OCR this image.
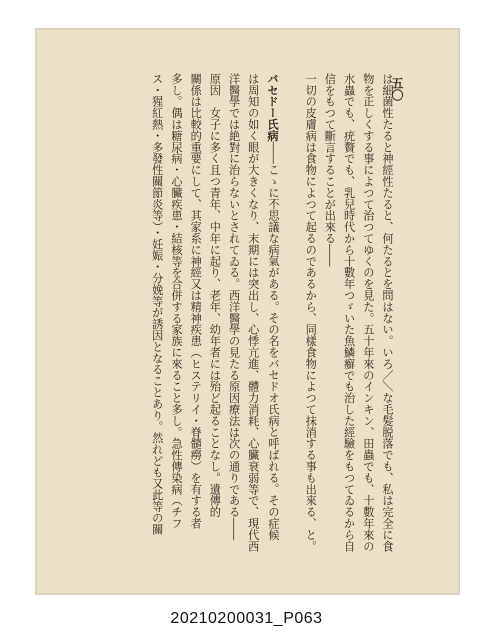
五〇
は細菌性たると神經性たると、何たるとを問はない。いろ／＼な毛髪脱落でも、私は完全に食
物を正しくする事によつて治つてゆくのを見た。五十年來のインキン、田蟲でも、十數年來の
水蟲でも、疣贅でも、乳兒時代から十數年つゞいた魚鱗癬でも治した經驗をもつてゐるから自
信をもつて斷言することが出來る――
一切の皮膚病は食物によつて起るのであるから、同樣食物によつて抹消する事も出來る、と。
バセドー氏病――こゝに不思議な病氣がある。その名をバセドオ氏病と呼ばれる。その症候
は周知の如く眼が大きくなり、末期には突出し、心悸亢進、體力消耗、心臟衰弱等で、現代西
洋醫學では絶對に治らないとされてゐる。西洋醫學の見たる原因療法は次の通りである――
原因　女子に多く且つ青年、中年に起り、老年、幼年者には殆ど起ることなし。遺傳的
關係は比較的重要にして、其家系に神經又は精神疾患（ヒステリイ・脊髓癆）を有する者
多し。偶は糖尿病・心臟疾患・結核等を合併する家族に來ること多し。急性傳染病（チフ
ス・猩紅熱・多發性關節炎等）・妊娠・分娩等が誘因となることあり。然れども又此等の關
20210200031_P063
